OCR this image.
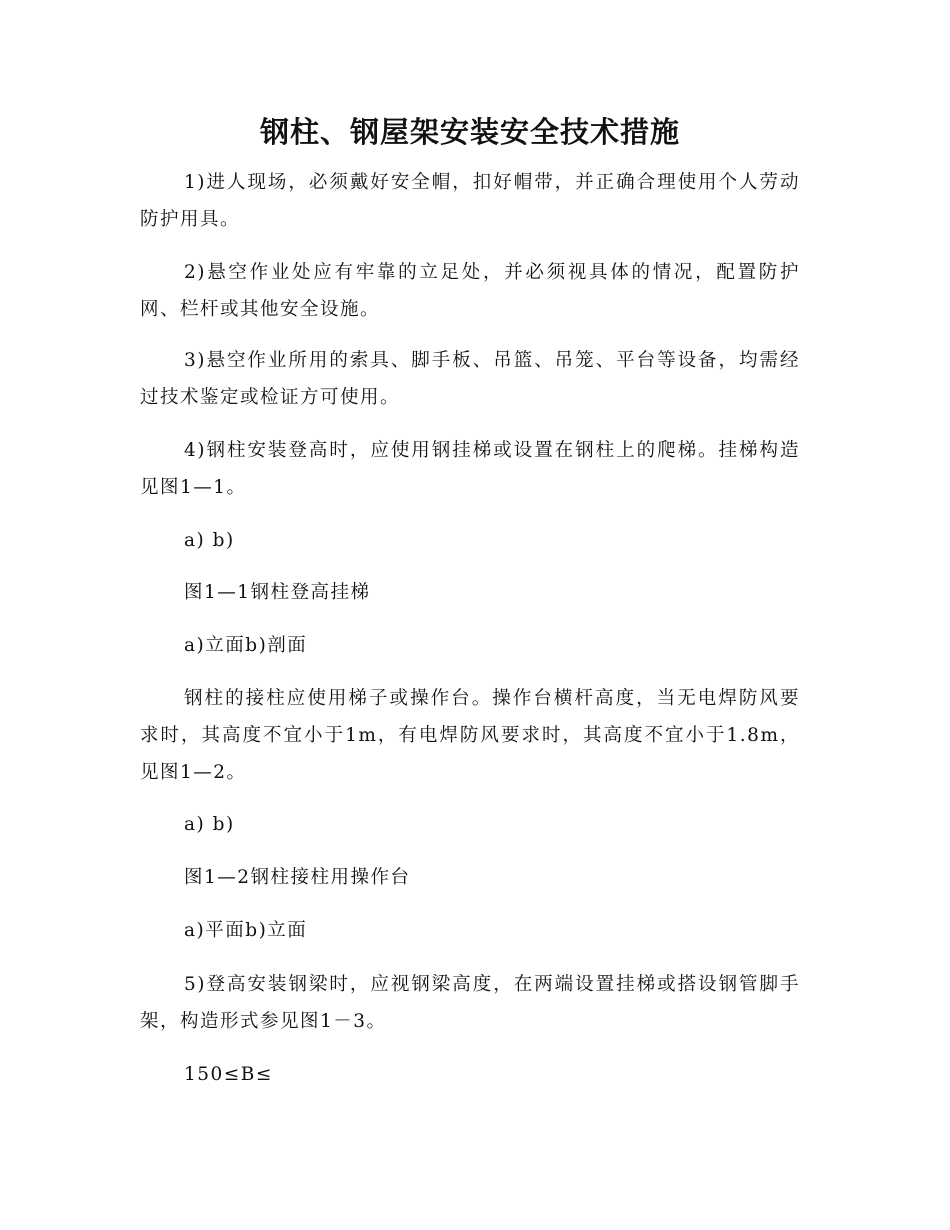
钢柱、钢屋架安装安全技术措施

1)进人现场，必须戴好安全帽，扣好帽带，并正确合理使用个人劳动防护用具。

2)悬空作业处应有牢靠的立足处，并必须视具体的情况，配置防护网、栏杆或其他安全设施。

3)悬空作业所用的索具、脚手板、吊篮、吊笼、平台等设备，均需经过技术鉴定或检证方可使用。

4)钢柱安装登高时，应使用钢挂梯或设置在钢柱上的爬梯。挂梯构造见图1—1。

a) b)

图1—1钢柱登高挂梯

a)立面b)剖面

钢柱的接柱应使用梯子或操作台。操作台横杆高度，当无电焊防风要求时，其高度不宜小于1m，有电焊防风要求时，其高度不宜小于1.8m，见图1—2。

a) b)

图1—2钢柱接柱用操作台

a)平面b)立面

5)登高安装钢梁时，应视钢梁高度，在两端设置挂梯或搭设钢管脚手架，构造形式参见图1－3。

150≤B≤
